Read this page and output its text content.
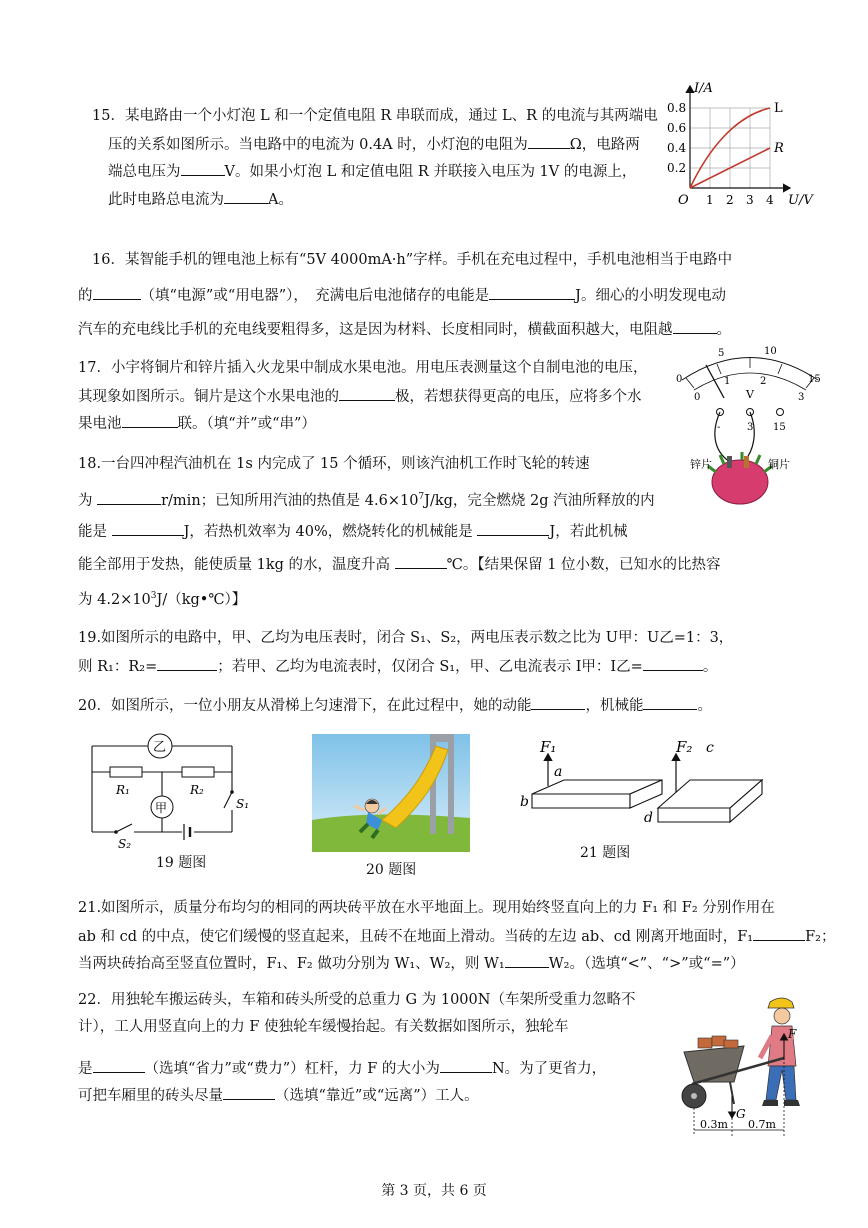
15．某电路由一个小灯泡 L 和一个定值电阻 R 串联而成，通过 L、R 的电流与其两端电
压的关系如图所示。当电路中的电流为 0.4A 时，小灯泡的电阻为	Ω，电路两
端总电压为	V。如果小灯泡 L 和定值电阻 R 并联接入电压为 1V 的电源上，
此时电路总电流为	A。
I/A
U/V
O 1 2 3 4
0.2
0.4
0.6
0.8	L
R
16．某智能手机的锂电池上标有“5V 4000mA·h”字样。手机在充电过程中，手机电池相当于电路中
的	（填“电源”或“用电器”），　充满电后电池储存的电能是	J。细心的小明发现电动
汽车的充电线比手机的充电线要粗得多，这是因为材料、长度相同时，横截面积越大，电阻越	。
17．小宇将铜片和锌片插入火龙果中制成水果电池。用电压表测量这个自制电池的电压，
其现象如图所示。铜片是这个水果电池的	极，若想获得更高的电压，应将多个水
果电池	联。（填“并”或“串”）
0
5	10
15
0
1	2
3
V
-	3 15
锌片	铜片
18.一台四冲程汽油机在 1s 内完成了 15 个循环，则该汽油机工作时飞轮的转速
为	r/min；已知所用汽油的热值是 $4.6\times 10^7J/kg$，完全燃烧 2g 汽油所释放的内
能是	J，若热机效率为 40%，燃烧转化的机械能是	J，若此机械
能全部用于发热，能使质量 1kg 的水，温度升高	℃。【结果保留 1 位小数，已知水的比热容
为 $4.2\times 10^3J/(kg•℃)$】
19.如图所示的电路中，甲、乙均为电压表时，闭合 S₁、S₂，两电压表示数之比为 U甲：U乙=1：3，
则 R₁：R₂=	；若甲、乙均为电流表时，仅闭合 S₁，甲、乙电流表示 I甲：I乙=	。
20．如图所示，一位小朋友从滑梯上匀速滑下，在此过程中，她的动能	，机械能	。
乙
甲
R₁	R₂
S₁
S₂
19 题图	20 题图
F₁	F₂
a
b
c
d
21 题图
21.如图所示，质量分布均匀的相同的两块砖平放在水平地面上。现用始终竖直向上的力 F₁ 和 F₂ 分别作用在
ab 和 cd 的中点，使它们缓慢的竖直起来，且砖不在地面上滑动。当砖的左边 ab、cd 刚离开地面时，F₁	F₂；
当两块砖抬高至竖直位置时，F₁、F₂ 做功分别为 W₁、W₂，则 W₁	W₂。（选填“<”、“>”或“=”）
22．用独轮车搬运砖头，车箱和砖头所受的总重力 G 为 1000N（车架所受重力忽略不
计），工人用竖直向上的力 F 使独轮车缓慢抬起。有关数据如图所示，独轮车
是	（选填“省力”或“费力”）杠杆，力 F 的大小为	N。为了更省力，
可把车厢里的砖头尽量	（选填“靠近”或“远离”）工人。
F
G
0.3m 0.7m
第 3 页，共 6 页
